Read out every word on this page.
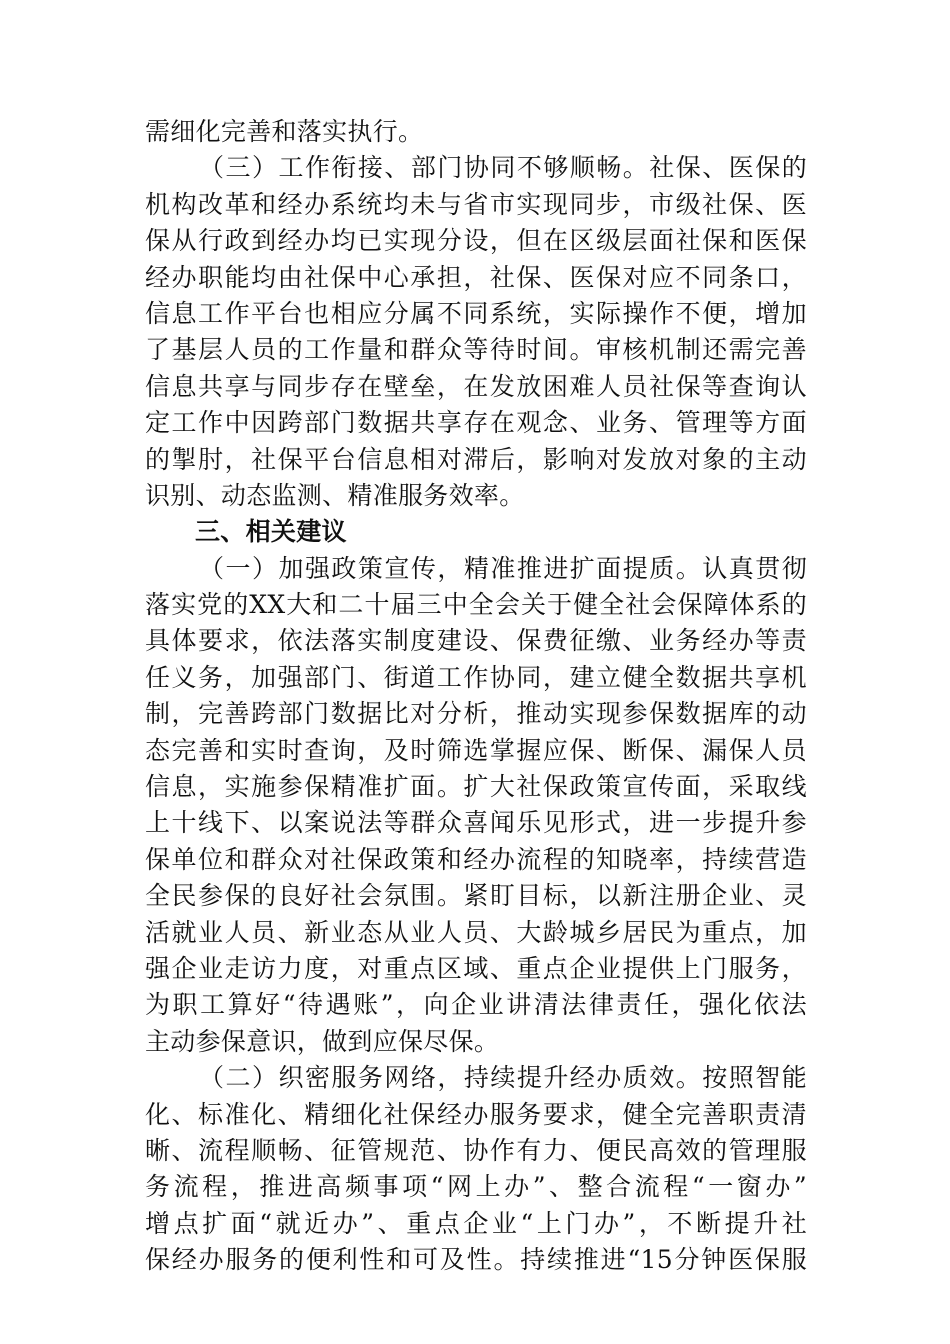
需细化完善和落实执行。
（三）工作衔接、部门协同不够顺畅。社保、医保的
机构改革和经办系统均未与省市实现同步，市级社保、医
保从行政到经办均已实现分设，但在区级层面社保和医保
经办职能均由社保中心承担，社保、医保对应不同条口，
信息工作平台也相应分属不同系统，实际操作不便，增加
了基层人员的工作量和群众等待时间。审核机制还需完善
信息共享与同步存在壁垒，在发放困难人员社保等查询认
定工作中因跨部门数据共享存在观念、业务、管理等方面
的掣肘，社保平台信息相对滞后，影响对发放对象的主动
识别、动态监测、精准服务效率。
三、相关建议
（一）加强政策宣传，精准推进扩面提质。认真贯彻
落实党的XX大和二十届三中全会关于健全社会保障体系的
具体要求，依法落实制度建设、保费征缴、业务经办等责
任义务，加强部门、街道工作协同，建立健全数据共享机
制，完善跨部门数据比对分析，推动实现参保数据库的动
态完善和实时查询，及时筛选掌握应保、断保、漏保人员
信息，实施参保精准扩面。扩大社保政策宣传面，采取线
上十线下、以案说法等群众喜闻乐见形式，进一步提升参
保单位和群众对社保政策和经办流程的知晓率，持续营造
全民参保的良好社会氛围。紧盯目标，以新注册企业、灵
活就业人员、新业态从业人员、大龄城乡居民为重点，加
强企业走访力度，对重点区域、重点企业提供上门服务，
为职工算好“待遇账”，向企业讲清法律责任，强化依法
主动参保意识，做到应保尽保。
（二）织密服务网络，持续提升经办质效。按照智能
化、标准化、精细化社保经办服务要求，健全完善职责清
晰、流程顺畅、征管规范、协作有力、便民高效的管理服
务流程，推进高频事项“网上办”、整合流程“一窗办”
增点扩面“就近办”、重点企业“上门办”，不断提升社
保经办服务的便利性和可及性。持续推进“15分钟医保服
